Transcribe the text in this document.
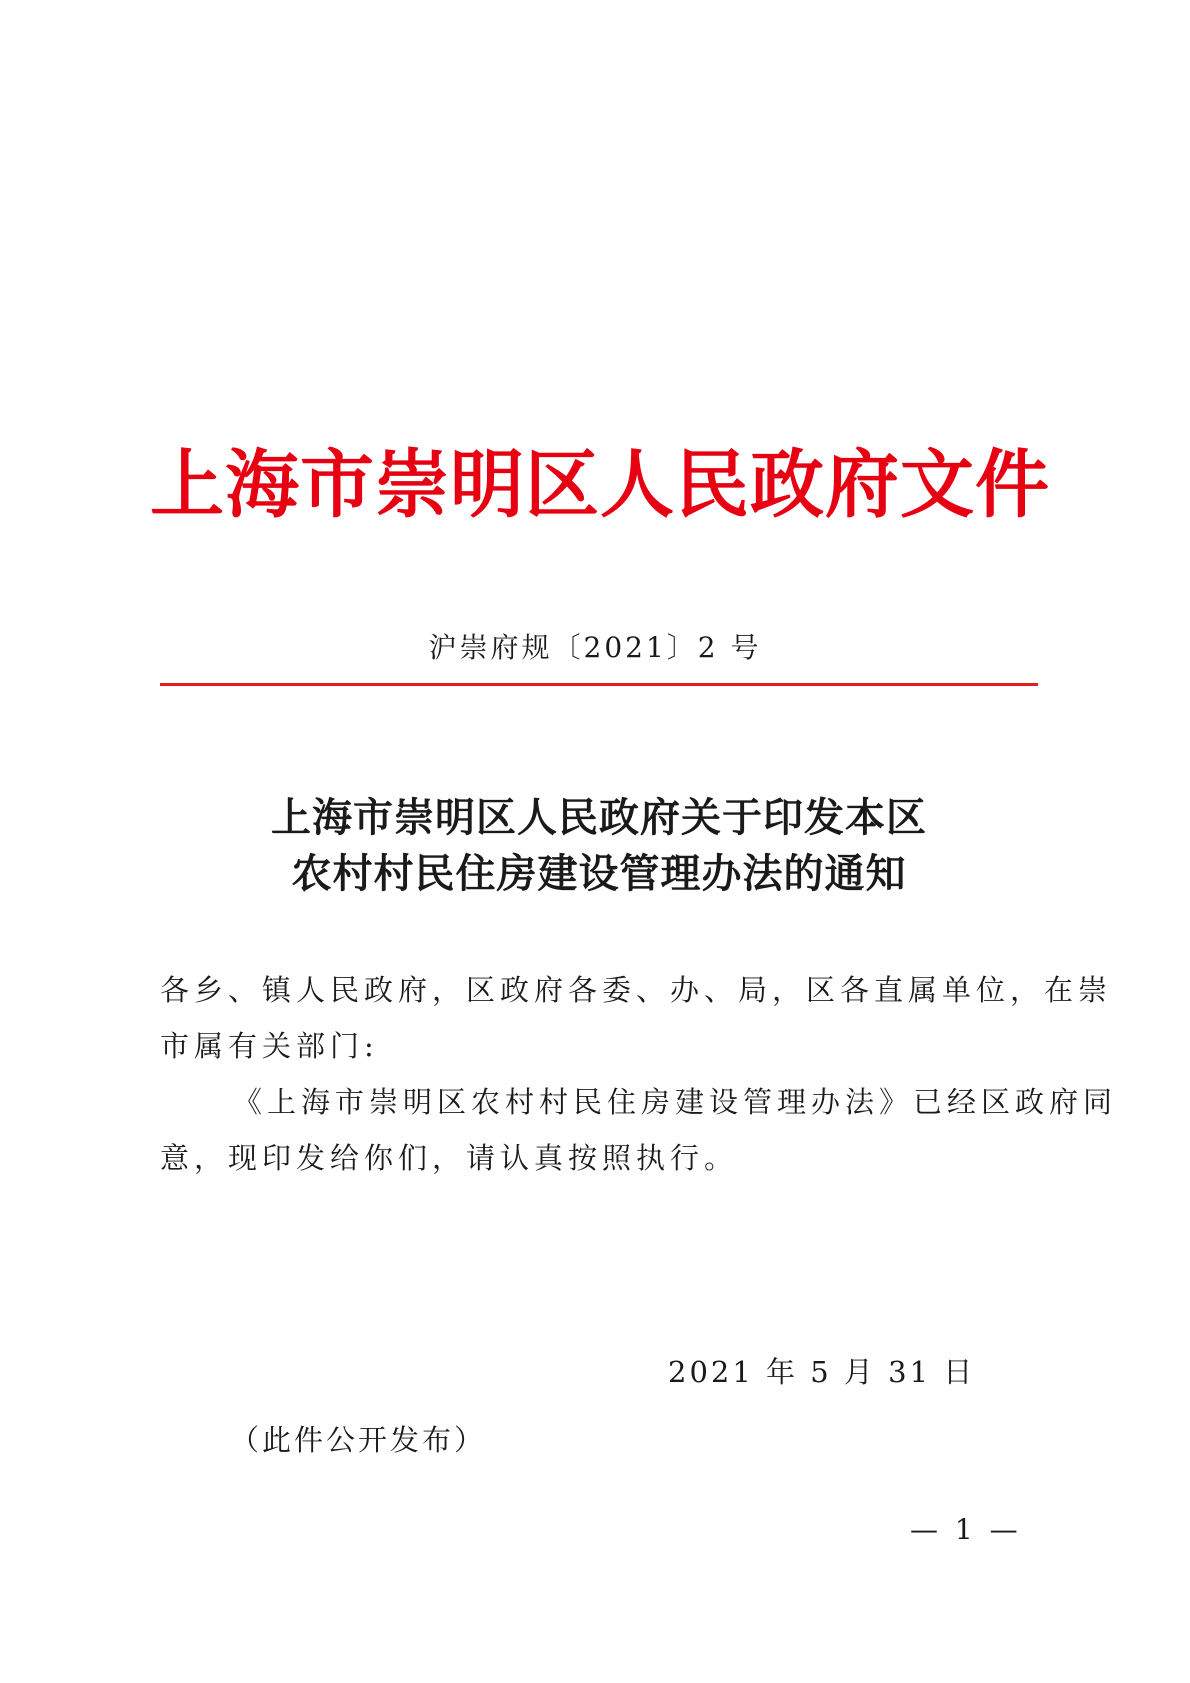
上海市崇明区人民政府文件
沪崇府规〔2021〕2 号
上海市崇明区人民政府关于印发本区
农村村民住房建设管理办法的通知

各乡、镇人民政府，区政府各委、办、局，区各直属单位，在崇

市属有关部门:

《上海市崇明区农村村民住房建设管理办法》已经区政府同

意，现印发给你们，请认真按照执行。

2021 年 5 月 31 日
（此件公开发布）
— 1 —
